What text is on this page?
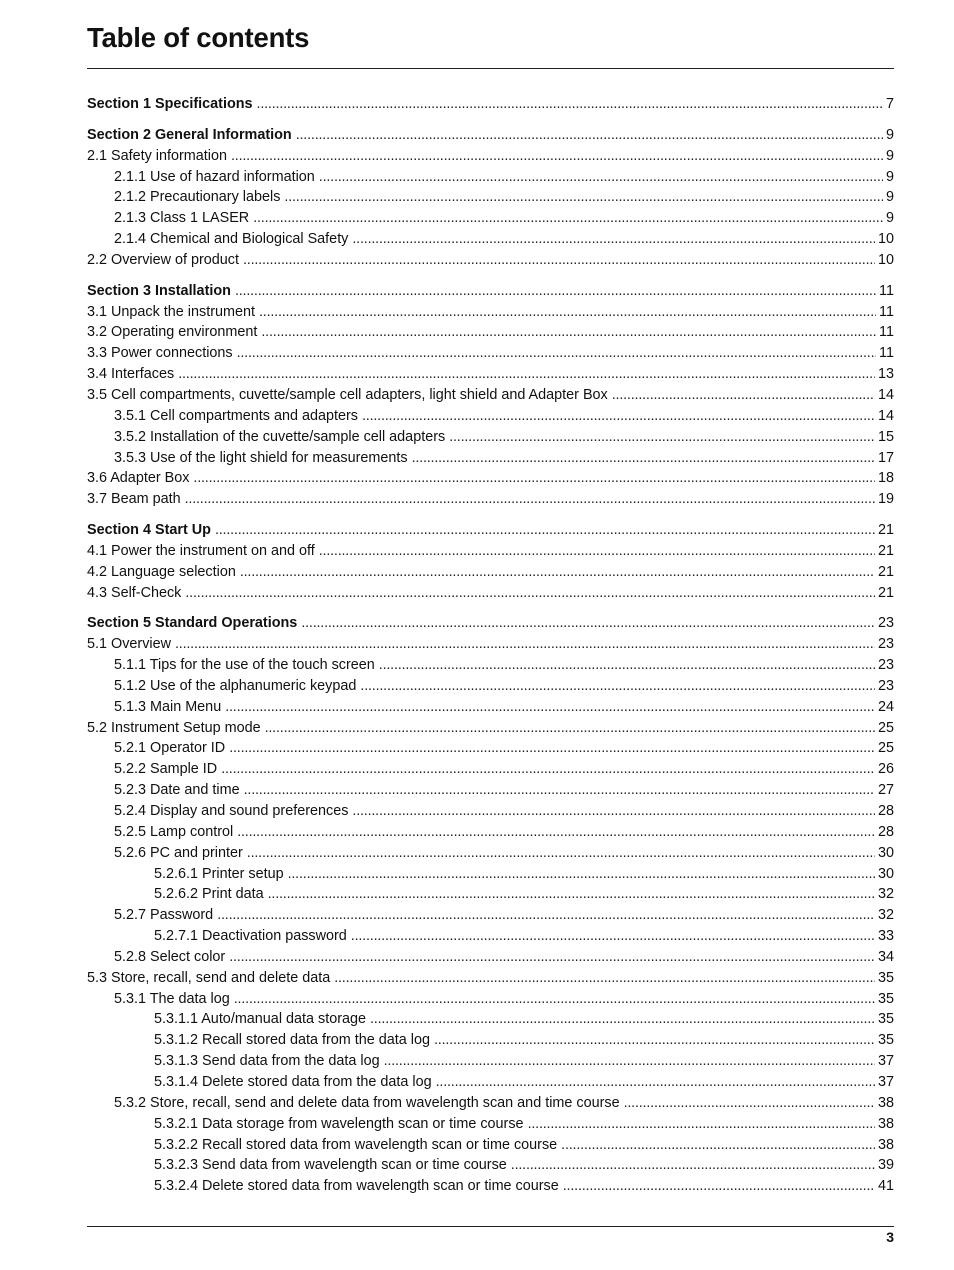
Table of contents
Section 1 Specifications . . .	7
Section 2 General Information . . .	9
2.1 Safety information . . .	9
2.1.1 Use of hazard information . . .	9
2.1.2 Precautionary labels . . .	9
2.1.3 Class 1 LASER . . .	9
2.1.4 Chemical and Biological Safety . . .	10
2.2 Overview of product . . .	10
Section 3 Installation . . .	11
3.1 Unpack the instrument . . .	11
3.2 Operating environment . . .	11
3.3 Power connections . . .	11
3.4 Interfaces . . .	13
3.5 Cell compartments, cuvette/sample cell adapters, light shield and Adapter Box . . .	14
3.5.1 Cell compartments and adapters . . .	14
3.5.2 Installation of the cuvette/sample cell adapters . . .	15
3.5.3 Use of the light shield for measurements . . .	17
3.6 Adapter Box . . .	18
3.7 Beam path . . .	19
Section 4 Start Up . . .	21
4.1 Power the instrument on and off . . .	21
4.2 Language selection . . .	21
4.3 Self-Check . . .	21
Section 5 Standard Operations . . .	23
5.1 Overview . . .	23
5.1.1 Tips for the use of the touch screen . . .	23
5.1.2 Use of the alphanumeric keypad . . .	23
5.1.3 Main Menu . . .	24
5.2 Instrument Setup mode . . .	25
5.2.1 Operator ID . . .	25
5.2.2 Sample ID . . .	26
5.2.3 Date and time . . .	27
5.2.4 Display and sound preferences . . .	28
5.2.5 Lamp control . . .	28
5.2.6 PC and printer . . .	30
5.2.6.1 Printer setup . . .	30
5.2.6.2 Print data . . .	32
5.2.7 Password . . .	32
5.2.7.1 Deactivation password . . .	33
5.2.8 Select color . . .	34
5.3 Store, recall, send and delete data . . .	35
5.3.1 The data log . . .	35
5.3.1.1 Auto/manual data storage . . .	35
5.3.1.2 Recall stored data from the data log . . .	35
5.3.1.3 Send data from the data log . . .	37
5.3.1.4 Delete stored data from the data log . . .	37
5.3.2 Store, recall, send and delete data from wavelength scan and time course . . .	38
5.3.2.1 Data storage from wavelength scan or time course . . .	38
5.3.2.2 Recall stored data from wavelength scan or time course . . .	38
5.3.2.3 Send data from wavelength scan or time course . . .	39
5.3.2.4 Delete stored data from wavelength scan or time course . . .	41
3
